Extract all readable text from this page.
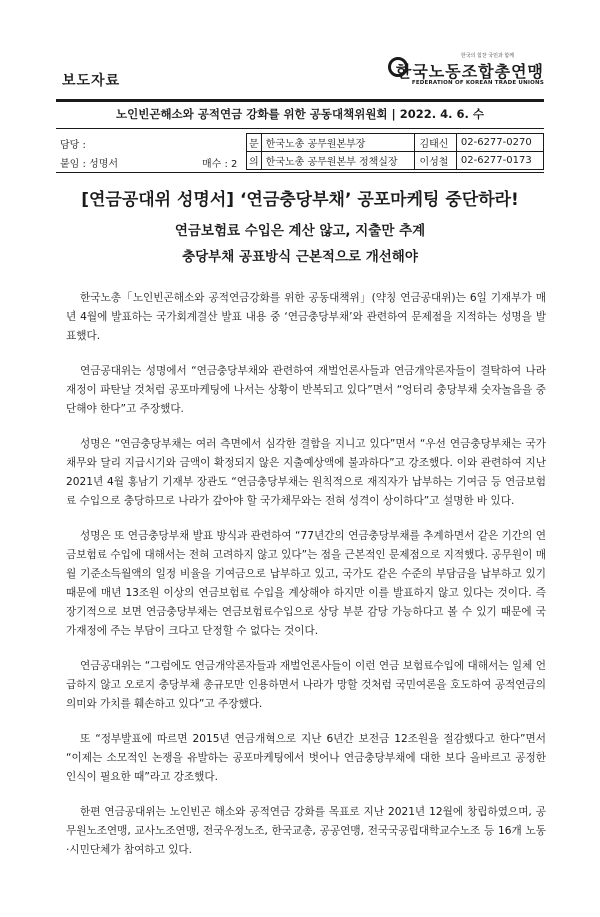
보도자료
한국의 힘찬 국민과 함께
한국노동조합총연맹
FEDERATION OF KOREAN TRADE UNIONS
노인빈곤해소와 공적연금 강화를 위한 공동대책위원회 | 2022. 4. 6. 수
담당 :
붙임 : 성명서	매수 : 2
문	한국노총 공무원본부장	김태신	02-6277-0270
의	한국노총 공무원본부 정책실장	이성철	02-6277-0173
[연금공대위 성명서] ‘연금충당부채’ 공포마케팅 중단하라!
연금보험료 수입은 계산 않고, 지출만 추계
충당부채 공표방식 근본적으로 개선해야

한국노총「노인빈곤해소와 공적연금강화를 위한 공동대책위」(약칭 연금공대위)는 6일 기재부가 매년 4월에 발표하는 국가회계결산 발표 내용 중 ‘연금충당부채’와 관련하여 문제점을 지적하는 성명을 발표했다.

연금공대위는 성명에서 “연금충당부채와 관련하여 재벌언론사들과 연금개악론자들이 결탁하여 나라재정이 파탄날 것처럼 공포마케팅에 나서는 상황이 반복되고 있다”면서 “엉터리 충당부채 숫자놀음을 중단해야 한다”고 주장했다.

성명은 “연금충당부채는 여러 측면에서 심각한 결함을 지니고 있다”면서 “우선 연금충당부채는 국가채무와 달리 지급시기와 금액이 확정되지 않은 지출예상액에 불과하다”고 강조했다. 이와 관련하여 지난 2021년 4월 홍남기 기재부 장관도 “연금충당부채는 원칙적으로 재직자가 납부하는 기여금 등 연금보험료 수입으로 충당하므로 나라가 갚아야 할 국가채무와는 전혀 성격이 상이하다”고 설명한 바 있다.

성명은 또 연금충당부채 발표 방식과 관련하여 “77년간의 연금충당부채를 추계하면서 같은 기간의 연금보험료 수입에 대해서는 전혀 고려하지 않고 있다”는 점을 근본적인 문제점으로 지적했다. 공무원이 매월 기준소득월액의 일정 비율을 기여금으로 납부하고 있고, 국가도 같은 수준의 부담금을 납부하고 있기 때문에 매년 13조원 이상의 연금보험료 수입을 계상해야 하지만 이를 발표하지 않고 있다는 것이다. 즉 장기적으로 보면 연금충당부채는 연금보험료수입으로 상당 부분 감당 가능하다고 볼 수 있기 때문에 국가재정에 주는 부담이 크다고 단정할 수 없다는 것이다.

연금공대위는 “그럼에도 연금개악론자들과 재벌언론사들이 이런 연금 보험료수입에 대해서는 일체 언급하지 않고 오로지 충당부채 총규모만 인용하면서 나라가 망할 것처럼 국민여론을 호도하여 공적연금의 의미와 가치를 훼손하고 있다”고 주장했다.

또 “정부발표에 따르면 2015년 연금개혁으로 지난 6년간 보전금 12조원을 절감했다고 한다”면서 “이제는 소모적인 논쟁을 유발하는 공포마케팅에서 벗어나 연금충당부채에 대한 보다 올바르고 공정한 인식이 필요한 때”라고 강조했다.

한편 연금공대위는 노인빈곤 해소와 공적연금 강화를 목표로 지난 2021년 12월에 창립하였으며, 공무원노조연맹, 교사노조연맹, 전국우정노조, 한국교총, 공공연맹, 전국국공립대학교수노조 등 16개 노동·시민단체가 참여하고 있다.
